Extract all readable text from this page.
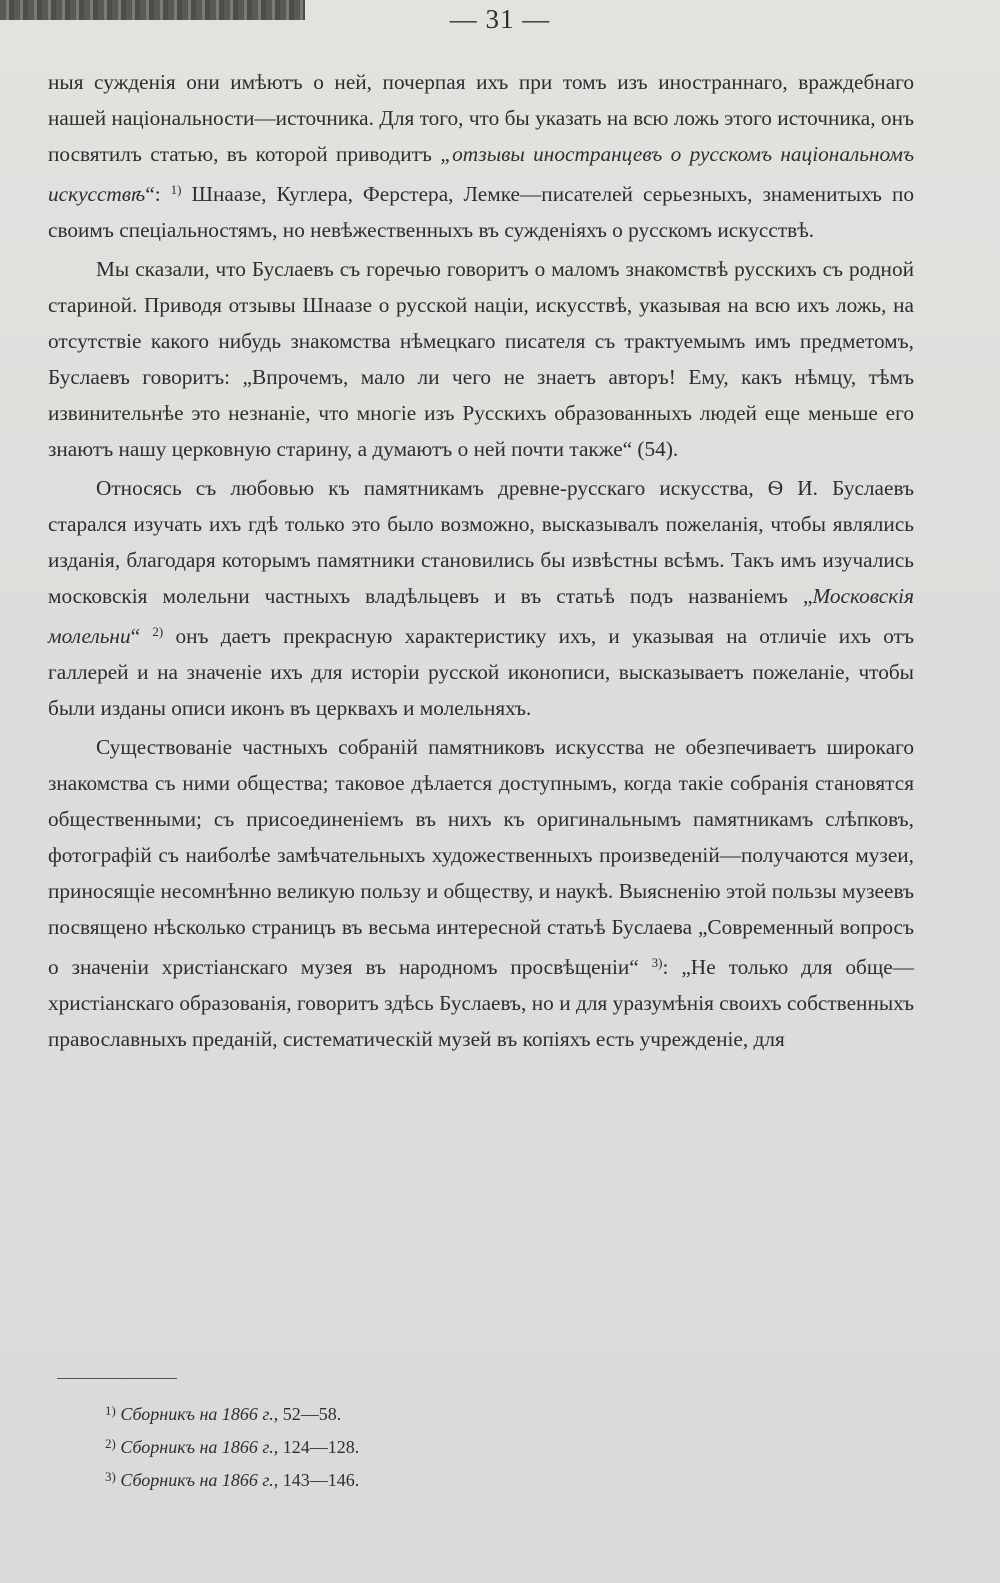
— 31 —

ныя сужденія они имѣютъ о ней, почерпая ихъ при томъ изъ иностраннаго, враждебнаго нашей національности—источника. Для того, что бы указать на всю ложь этого источника, онъ посвятилъ статью, въ которой приводитъ „отзывы иностранцевъ о русскомъ національномъ искусствѣ“: $^{1)}$ Шнаазе, Куглера, Ферстера, Лемке—писателей серьезныхъ, знаменитыхъ по своимъ спеціальностямъ, но невѣжественныхъ въ сужденіяхъ о русскомъ искусствѣ.

Мы сказали, что Буслаевъ съ горечью говоритъ о маломъ знакомствѣ русскихъ съ родной стариной. Приводя отзывы Шнаазе о русской націи, искусствѣ, указывая на всю ихъ ложь, на отсутствіе какого нибудь знакомства нѣмецкаго писателя съ трактуемымъ имъ предметомъ, Буслаевъ говоритъ: „Впрочемъ, мало ли чего не знаетъ авторъ! Ему, какъ нѣмцу, тѣмъ извинительнѣе это незнаніе, что многіе изъ Русскихъ образованныхъ людей еще меньше его знаютъ нашу церковную старину, а думаютъ о ней почти также“ (54).

Относясь съ любовью къ памятникамъ древне-русскаго искусства, Ѳ И. Буслаевъ старался изучать ихъ гдѣ только это было возможно, высказывалъ пожеланія, чтобы являлись изданія, благодаря которымъ памятники становились бы извѣстны всѣмъ. Такъ имъ изучались московскія молельни частныхъ владѣльцевъ и въ статьѣ подъ названіемъ „Московскія молельни“ $^{2)}$ онъ даетъ прекрасную характеристику ихъ, и указывая на отличіе ихъ отъ галлерей и на значеніе ихъ для исторіи русской иконописи, высказываетъ пожеланіе, чтобы были изданы описи иконъ въ церквахъ и молельняхъ.

Существованіе частныхъ собраній памятниковъ искусства не обезпечиваетъ широкаго знакомства съ ними общества; таковое дѣлается доступнымъ, когда такіе собранія становятся общественными; съ присоединеніемъ въ нихъ къ оригинальнымъ памятникамъ слѣпковъ, фотографій съ наиболѣе замѣчательныхъ художественныхъ произведеній—получаются музеи, приносящіе несомнѣнно великую пользу и обществу, и наукѣ. Выясненію этой пользы музеевъ посвящено нѣсколько страницъ въ весьма интересной статьѣ Буслаева „Современный вопросъ о значеніи христіанскаго музея въ народномъ просвѣщеніи“ $^{3)}$: „Не только для обще—христіанскаго образованія, говоритъ здѣсь Буслаевъ, но и для уразумѣнія своихъ собственныхъ православныхъ преданій, систематическій музей въ копіяхъ есть учрежденіе, для

$^{1)}$ Сборникъ на 1866 г., 52—58.
$^{2)}$ Сборникъ на 1866 г., 124—128.
$^{3)}$ Сборникъ на 1866 г., 143—146.
